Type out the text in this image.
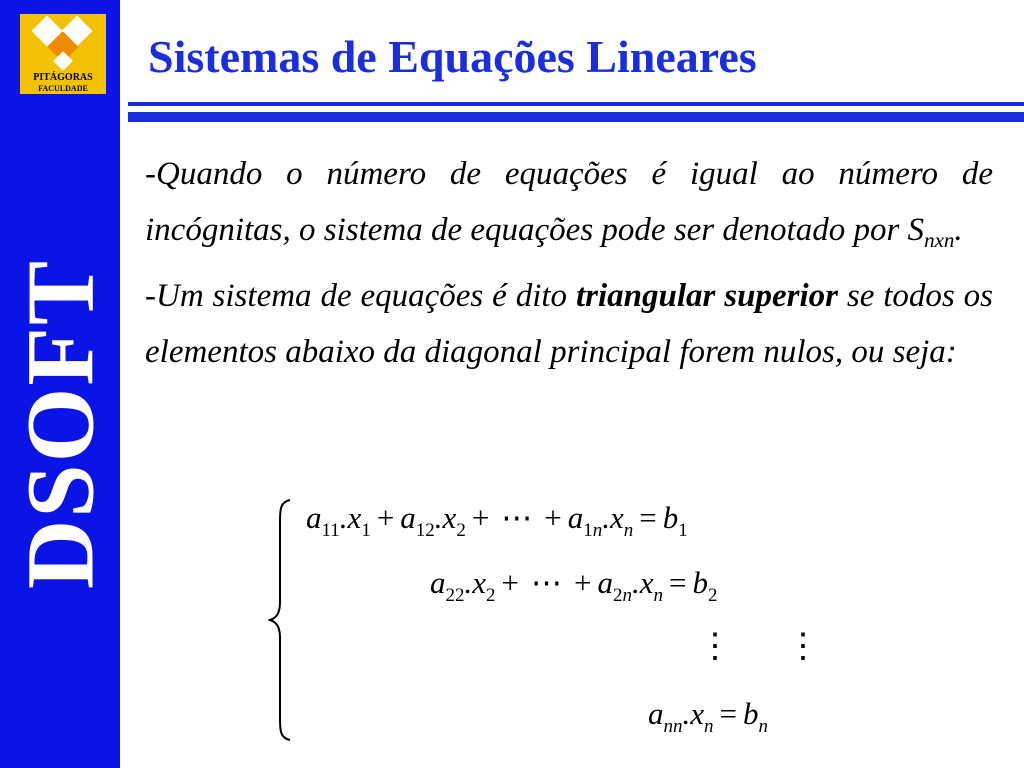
PITÁGORAS
FACULDADE
DSOFT
Sistemas de Equações Lineares
-Quando o número de equações é igual ao número de incógnitas, o sistema de equações pode ser denotado por $S_{nxn}$.
-Um sistema de equações é dito triangular superior se todos os elementos abaixo da diagonal principal forem nulos, ou seja:
$a_{11}.x_1 + a_{12}.x_2$ + ⋯ + $a_{1n}.x_n = b_1$
$a_{22}.x_2$ + ⋯ + $a_{2n}.x_n = b_2$
⋮ ⋮
$a_{nn}.x_n = b_n$
